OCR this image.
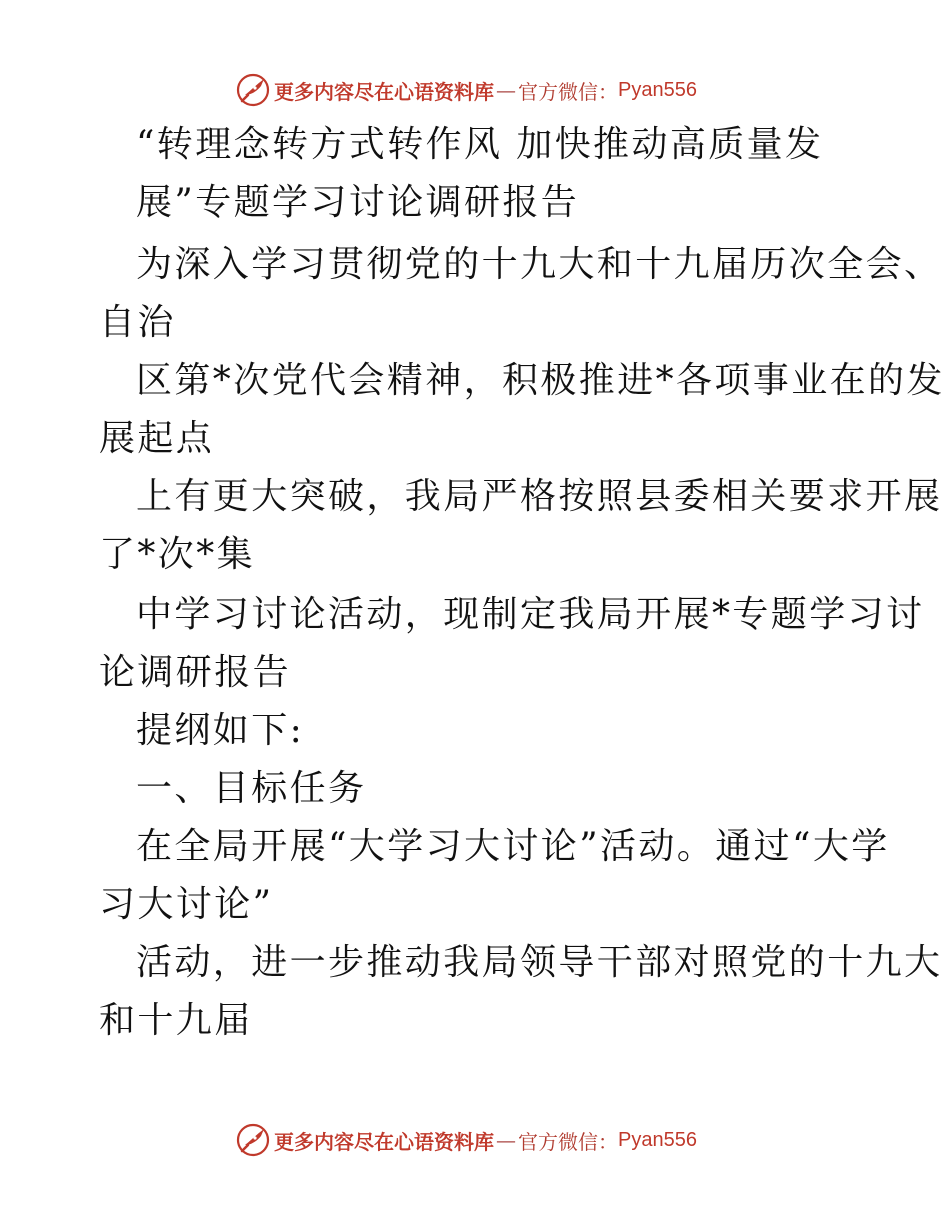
更多内容尽在心语资料库 — 官方微信： Pyan556
“转理念转方式转作风 加快推动高质量发
展”专题学习讨论调研报告
为深入学习贯彻党的十九大和十九届历次全会、
自治
区第*次党代会精神，积极推进*各项事业在的发
展起点
上有更大突破，我局严格按照县委相关要求开展
了*次*集
中学习讨论活动，现制定我局开展*专题学习讨
论调研报告
提纲如下:
一、目标任务
在全局开展“大学习大讨论”活动。通过“大学
习大讨论”
活动，进一步推动我局领导干部对照党的十九大
和十九届
更多内容尽在心语资料库 — 官方微信： Pyan556
